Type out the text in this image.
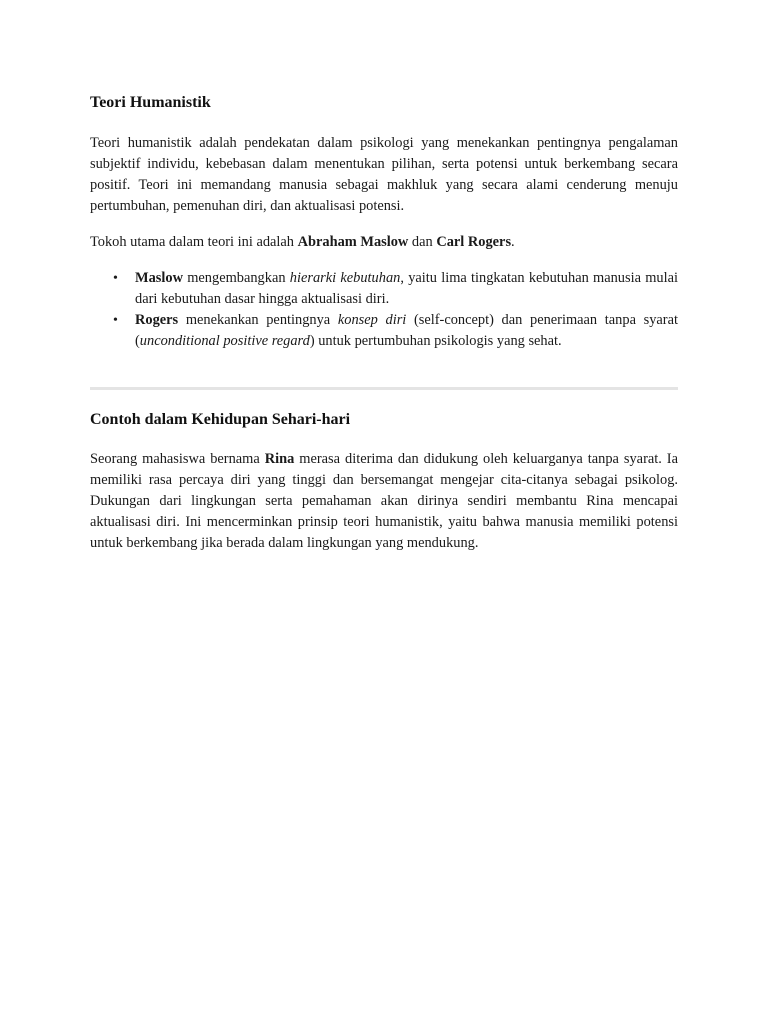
Teori Humanistik

Teori humanistik adalah pendekatan dalam psikologi yang menekankan pentingnya pengalaman subjektif individu, kebebasan dalam menentukan pilihan, serta potensi untuk berkembang secara positif. Teori ini memandang manusia sebagai makhluk yang secara alami cenderung menuju pertumbuhan, pemenuhan diri, dan aktualisasi potensi.

Tokoh utama dalam teori ini adalah Abraham Maslow dan Carl Rogers.

• Maslow mengembangkan hierarki kebutuhan, yaitu lima tingkatan kebutuhan manusia mulai dari kebutuhan dasar hingga aktualisasi diri.
• Rogers menekankan pentingnya konsep diri (self-concept) dan penerimaan tanpa syarat (unconditional positive regard) untuk pertumbuhan psikologis yang sehat.
Contoh dalam Kehidupan Sehari-hari

Seorang mahasiswa bernama Rina merasa diterima dan didukung oleh keluarganya tanpa syarat. Ia memiliki rasa percaya diri yang tinggi dan bersemangat mengejar cita-citanya sebagai psikolog. Dukungan dari lingkungan serta pemahaman akan dirinya sendiri membantu Rina mencapai aktualisasi diri. Ini mencerminkan prinsip teori humanistik, yaitu bahwa manusia memiliki potensi untuk berkembang jika berada dalam lingkungan yang mendukung.
